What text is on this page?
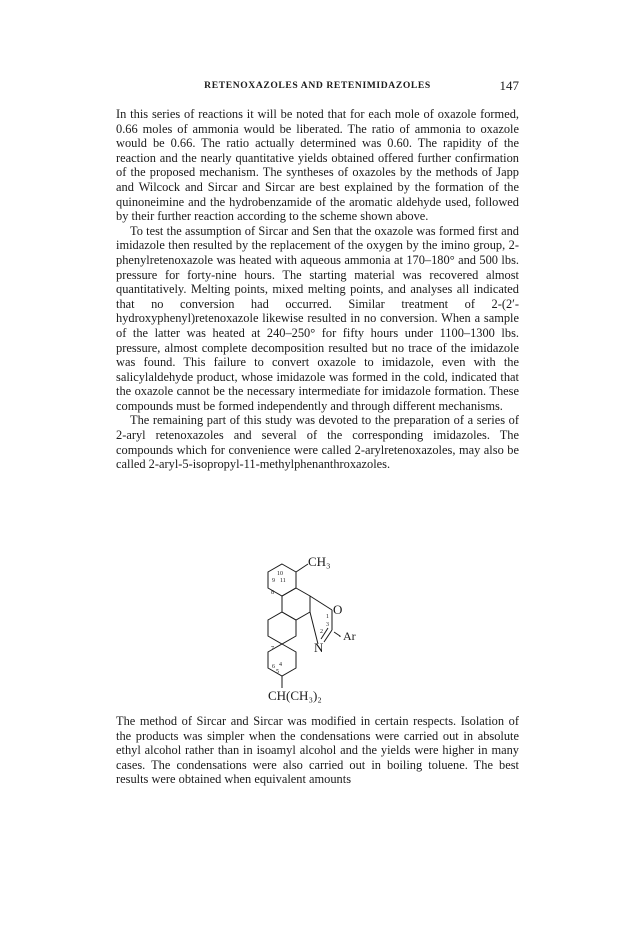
RETENOXAZOLES AND RETENIMIDAZOLES	147

In this series of reactions it will be noted that for each mole of oxazole formed, 0.66 moles of ammonia would be liberated. The ratio of ammonia to oxazole would be 0.66. The ratio actually determined was 0.60. The rapidity of the reaction and the nearly quantitative yields obtained offered further confirmation of the proposed mechanism. The syntheses of oxazoles by the methods of Japp and Wilcock and Sircar and Sircar are best explained by the formation of the quinoneimine and the hydrobenzamide of the aromatic aldehyde used, followed by their further reaction according to the scheme shown above.

To test the assumption of Sircar and Sen that the oxazole was formed first and imidazole then resulted by the replacement of the oxygen by the imino group, 2-phenylretenoxazole was heated with aqueous ammonia at 170–180° and 500 lbs. pressure for forty-nine hours. The starting material was recovered almost quantitatively. Melting points, mixed melting points, and analyses all indicated that no conversion had occurred. Similar treatment of 2-(2′-hydroxyphenyl)retenoxazole likewise resulted in no conversion. When a sample of the latter was heated at 240–250° for fifty hours under 1100–1300 lbs. pressure, almost complete decomposition resulted but no trace of the imidazole was found. This failure to convert oxazole to imidazole, even with the salicylaldehyde product, whose imidazole was formed in the cold, indicated that the oxazole cannot be the necessary intermediate for imidazole formation. These compounds must be formed independently and through different mechanisms.

The remaining part of this study was devoted to the preparation of a series of 2-aryl retenoxazoles and several of the corresponding imidazoles. The compounds which for convenience were called 2-arylretenoxazoles, may also be called 2-aryl-5-isopropyl-11-methylphenanthroxazoles.

CH₃
O
N
· Ar
CH(CH₃)₂
10
9 11
8
1
3
2
7
6 4
5

The method of Sircar and Sircar was modified in certain respects. Isolation of the products was simpler when the condensations were carried out in absolute ethyl alcohol rather than in isoamyl alcohol and the yields were higher in many cases. The condensations were also carried out in boiling toluene. The best results were obtained when equivalent amounts
